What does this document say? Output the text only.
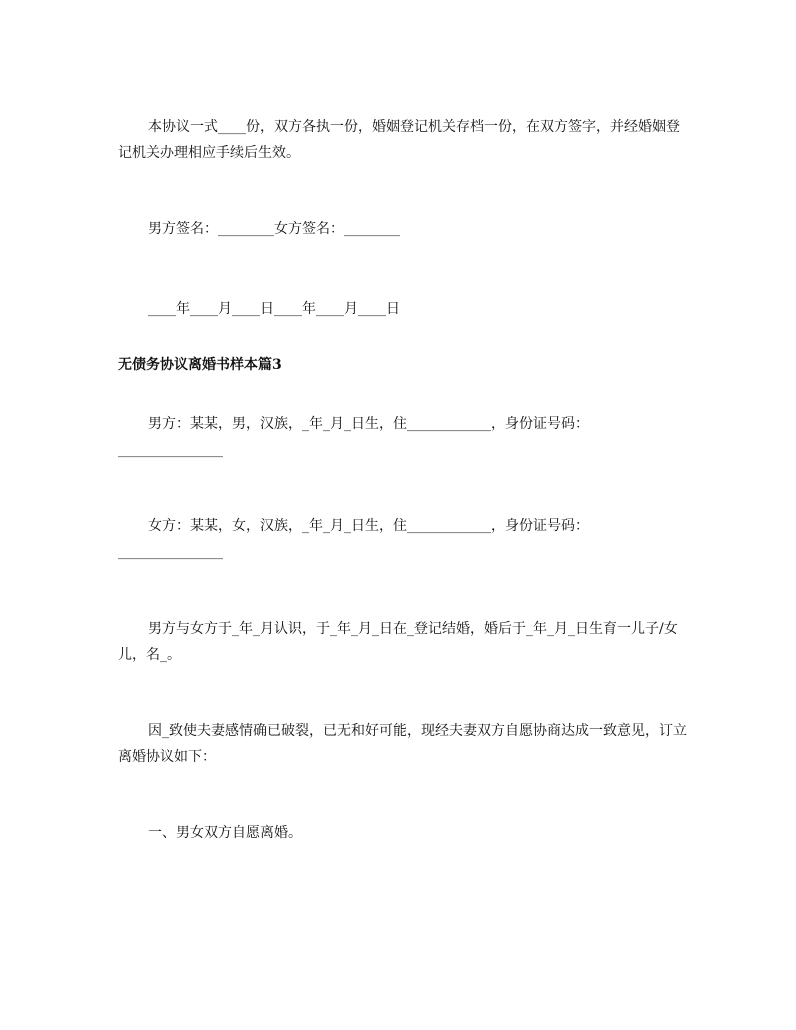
本协议一式____份，双方各执一份，婚姻登记机关存档一份，在双方签字，并经婚姻登记机关办理相应手续后生效。

男方签名：________女方签名：________

____年____月____日____年____月____日

无债务协议离婚书样本篇3

男方：某某，男，汉族，_年_月_日生，住____________，身份证号码：

_______________

女方：某某，女，汉族，_年_月_日生，住____________，身份证号码：

_______________

男方与女方于_年_月认识，于_年_月_日在_登记结婚，婚后于_年_月_日生育一儿子/女儿，名_。

因_致使夫妻感情确已破裂，已无和好可能，现经夫妻双方自愿协商达成一致意见，订立离婚协议如下：

一、男女双方自愿离婚。
